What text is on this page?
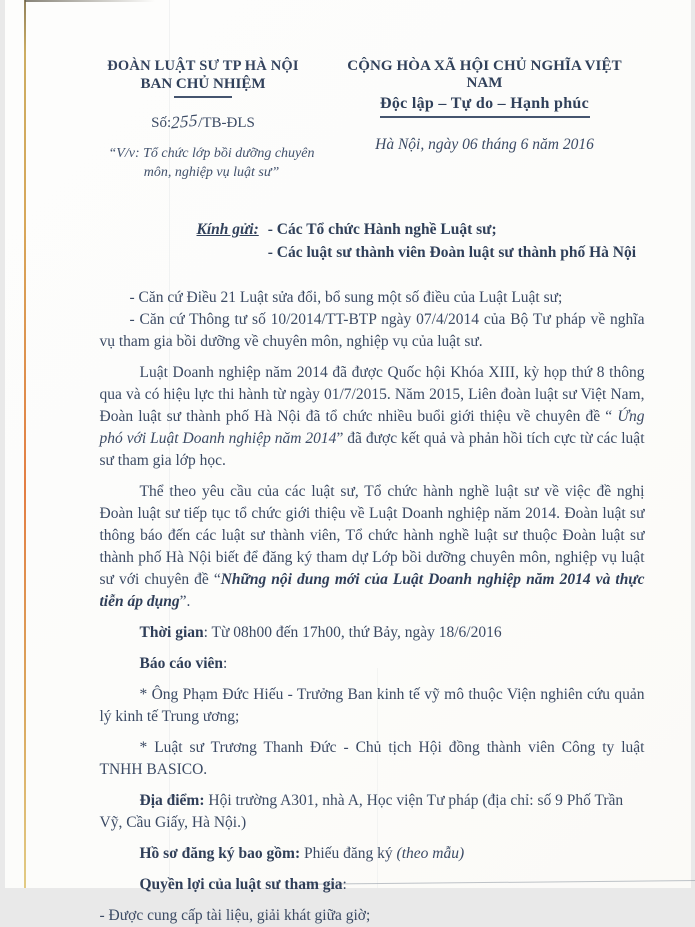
ĐOÀN LUẬT SƯ TP HÀ NỘI
BAN CHỦ NHIỆM
Số:255/TB-ĐLS
“V/v: Tổ chức lớp bồi dưỡng chuyên môn, nghiệp vụ luật sư”
CỘNG HÒA XÃ HỘI CHỦ NGHĨA VIỆT NAM
Độc lập – Tự do – Hạnh phúc
Hà Nội, ngày 06 tháng 6 năm 2016
Kính gửi: - Các Tổ chức Hành nghề Luật sư;
- Các luật sư thành viên Đoàn luật sư thành phố Hà Nội

- Căn cứ Điều 21 Luật sửa đổi, bổ sung một số điều của Luật Luật sư;

- Căn cứ Thông tư số 10/2014/TT-BTP ngày 07/4/2014 của Bộ Tư pháp về nghĩa vụ tham gia bồi dưỡng về chuyên môn, nghiệp vụ của luật sư.

Luật Doanh nghiệp năm 2014 đã được Quốc hội Khóa XIII, kỳ họp thứ 8 thông qua và có hiệu lực thi hành từ ngày 01/7/2015. Năm 2015, Liên đoàn luật sư Việt Nam, Đoàn luật sư thành phố Hà Nội đã tổ chức nhiều buổi giới thiệu về chuyên đề “ Ứng phó với Luật Doanh nghiệp năm 2014” đã được kết quả và phản hồi tích cực từ các luật sư tham gia lớp học.

Thể theo yêu cầu của các luật sư, Tổ chức hành nghề luật sư về việc đề nghị Đoàn luật sư tiếp tục tổ chức giới thiệu về Luật Doanh nghiệp năm 2014. Đoàn luật sư thông báo đến các luật sư thành viên, Tổ chức hành nghề luật sư thuộc Đoàn luật sư thành phố Hà Nội biết để đăng ký tham dự Lớp bồi dưỡng chuyên môn, nghiệp vụ luật sư với chuyên đề “Những nội dung mới của Luật Doanh nghiệp năm 2014 và thực tiễn áp dụng”.

Thời gian: Từ 08h00 đến 17h00, thứ Bảy, ngày 18/6/2016

Báo cáo viên:

* Ông Phạm Đức Hiếu - Trưởng Ban kinh tế vỹ mô thuộc Viện nghiên cứu quản lý kinh tế Trung ương;

* Luật sư Trương Thanh Đức - Chủ tịch Hội đồng thành viên Công ty luật TNHH BASICO.

Địa điểm: Hội trường A301, nhà A, Học viện Tư pháp (địa chỉ: số 9 Phố Trần Vỹ, Cầu Giấy, Hà Nội.)

Hồ sơ đăng ký bao gồm: Phiếu đăng ký (theo mẫu)

Quyền lợi của luật sư tham gia:

- Được cung cấp tài liệu, giải khát giữa giờ;
